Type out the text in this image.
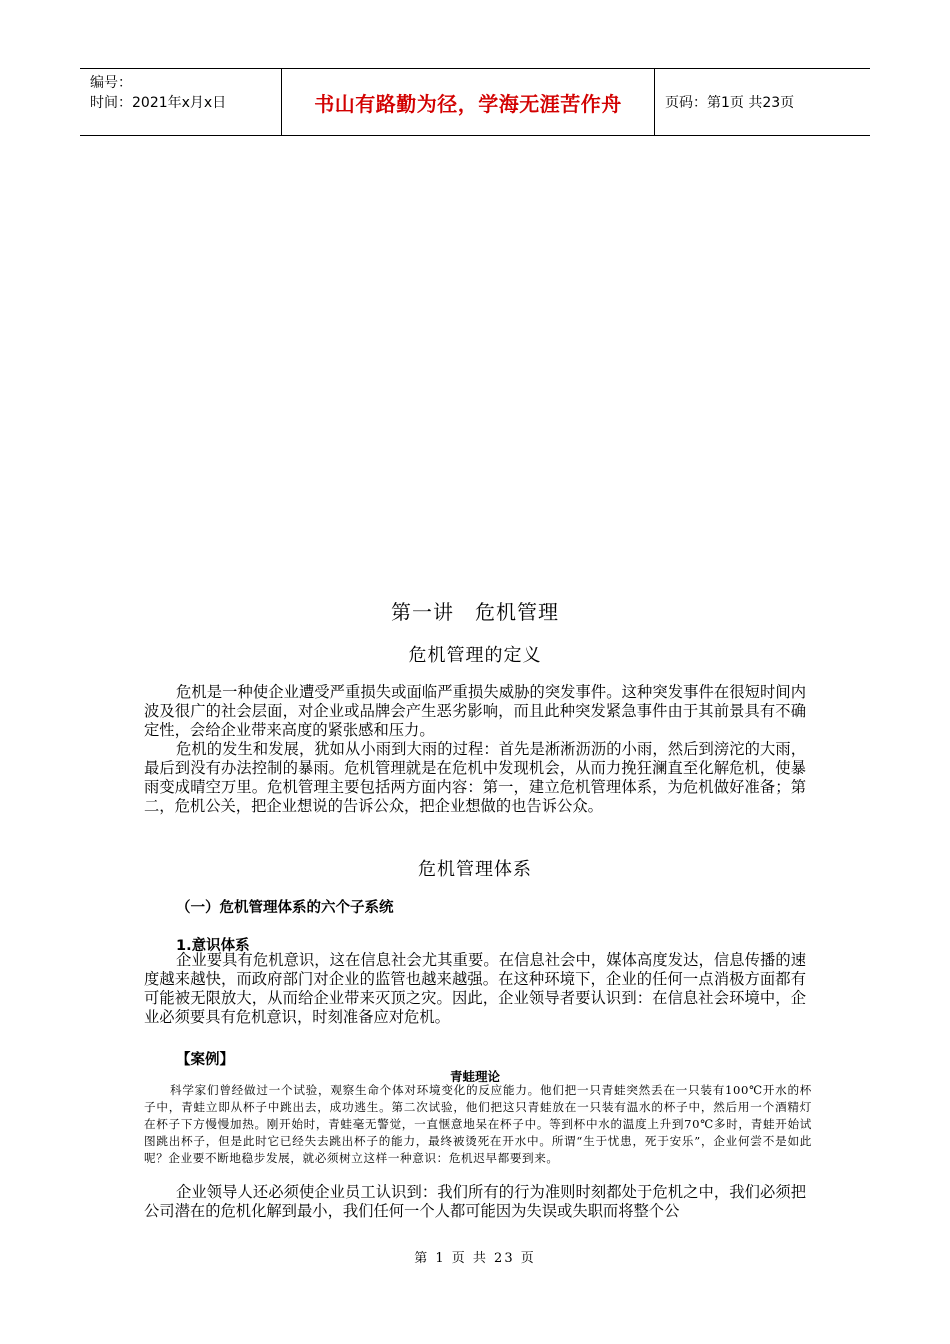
编号：
时间：2021年x月x日	书山有路勤为径，学海无涯苦作舟	页码：第1页 共23页
第一讲　危机管理
危机管理的定义

危机是一种使企业遭受严重损失或面临严重损失威胁的突发事件。这种突发事件在很短时间内波及很广的社会层面，对企业或品牌会产生恶劣影响，而且此种突发紧急事件由于其前景具有不确定性，会给企业带来高度的紧张感和压力。

危机的发生和发展，犹如从小雨到大雨的过程：首先是淅淅沥沥的小雨，然后到滂沱的大雨，最后到没有办法控制的暴雨。危机管理就是在危机中发现机会，从而力挽狂澜直至化解危机，使暴雨变成晴空万里。危机管理主要包括两方面内容：第一，建立危机管理体系，为危机做好准备；第二，危机公关，把企业想说的告诉公众，把企业想做的也告诉公众。

危机管理体系
（一）危机管理体系的六个子系统
1.意识体系

企业要具有危机意识，这在信息社会尤其重要。在信息社会中，媒体高度发达，信息传播的速度越来越快，而政府部门对企业的监管也越来越强。在这种环境下，企业的任何一点消极方面都有可能被无限放大，从而给企业带来灭顶之灾。因此，企业领导者要认识到：在信息社会环境中，企业必须要具有危机意识，时刻准备应对危机。

【案例】
青蛙理论

科学家们曾经做过一个试验，观察生命个体对环境变化的反应能力。他们把一只青蛙突然丢在一只装有100℃开水的杯子中，青蛙立即从杯子中跳出去，成功逃生。第二次试验，他们把这只青蛙放在一只装有温水的杯子中，然后用一个酒精灯在杯子下方慢慢加热。刚开始时，青蛙毫无警觉，一直惬意地呆在杯子中。等到杯中水的温度上升到70℃多时，青蛙开始试图跳出杯子，但是此时它已经失去跳出杯子的能力，最终被烫死在开水中。所谓“生于忧患，死于安乐”，企业何尝不是如此呢？企业要不断地稳步发展，就必须树立这样一种意识：危机迟早都要到来。

企业领导人还必须使企业员工认识到：我们所有的行为准则时刻都处于危机之中，我们必须把公司潜在的危机化解到最小，我们任何一个人都可能因为失误或失职而将整个公

第 1 页 共 23 页
